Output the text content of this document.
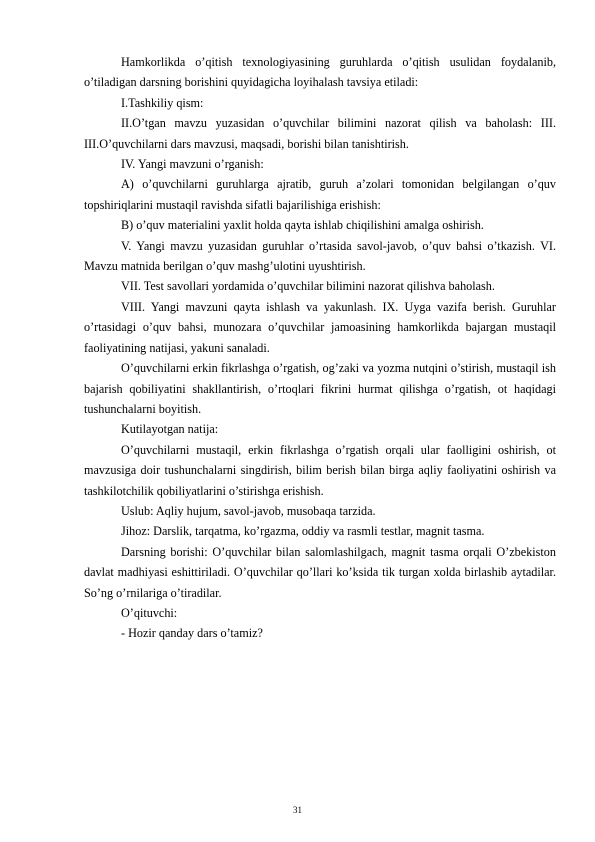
Hamkorlikda o’qitish texnologiyasining guruhlarda o’qitish usulidan foydalanib, o’tiladigan darsning borishini quyidagicha loyihalash tavsiya etiladi:

I.Tashkiliy qism:

II.O’tgan mavzu yuzasidan o’quvchilar bilimini nazorat qilish va baholash: III. III.O’quvchilarni dars mavzusi, maqsadi, borishi bilan tanishtirish.

IV. Yangi mavzuni o’rganish:

A) o’quvchilarni guruhlarga ajratib, guruh a’zolari tomonidan belgilangan o’quv topshiriqlarini mustaqil ravishda sifatli bajarilishiga erishish:

B) o’quv materialini yaxlit holda qayta ishlab chiqilishini amalga oshirish.

V. Yangi mavzu yuzasidan guruhlar o’rtasida savol-javob, o’quv bahsi o’tkazish. VI. Mavzu matnida berilgan o’quv mashg’ulotini uyushtirish.

VII. Test savollari yordamida o’quvchilar bilimini nazorat qilishva baholash.

VIII. Yangi mavzuni qayta ishlash va yakunlash. IX. Uyga vazifa berish. Guruhlar o’rtasidagi o’quv bahsi, munozara o’quvchilar jamoasining hamkorlikda bajargan mustaqil faoliyatining natijasi, yakuni sanaladi.

O’quvchilarni erkin fikrlashga o’rgatish, og’zaki va yozma nutqini o’stirish, mustaqil ish bajarish qobiliyatini shakllantirish, o’rtoqlari fikrini hurmat qilishga o’rgatish, ot haqidagi tushunchalarni boyitish.

Kutilayotgan natija:

O’quvchilarni mustaqil, erkin fikrlashga o’rgatish orqali ular faolligini oshirish, ot mavzusiga doir tushunchalarni singdirish, bilim berish bilan birga aqliy faoliyatini oshirish va tashkilotchilik qobiliyatlarini o’stirishga erishish.

Uslub: Aqliy hujum, savol-javob, musobaqa tarzida.

Jihoz: Darslik, tarqatma, ko’rgazma, oddiy va rasmli testlar, magnit tasma.

Darsning borishi: O’quvchilar bilan salomlashilgach, magnit tasma orqali O’zbekiston davlat madhiyasi eshittiriladi. O’quvchilar qo’llari ko’ksida tik turgan xolda birlashib aytadilar. So’ng o’rnilariga o’tiradilar.

O’qituvchi:

- Hozir qanday dars o’tamiz?

31
